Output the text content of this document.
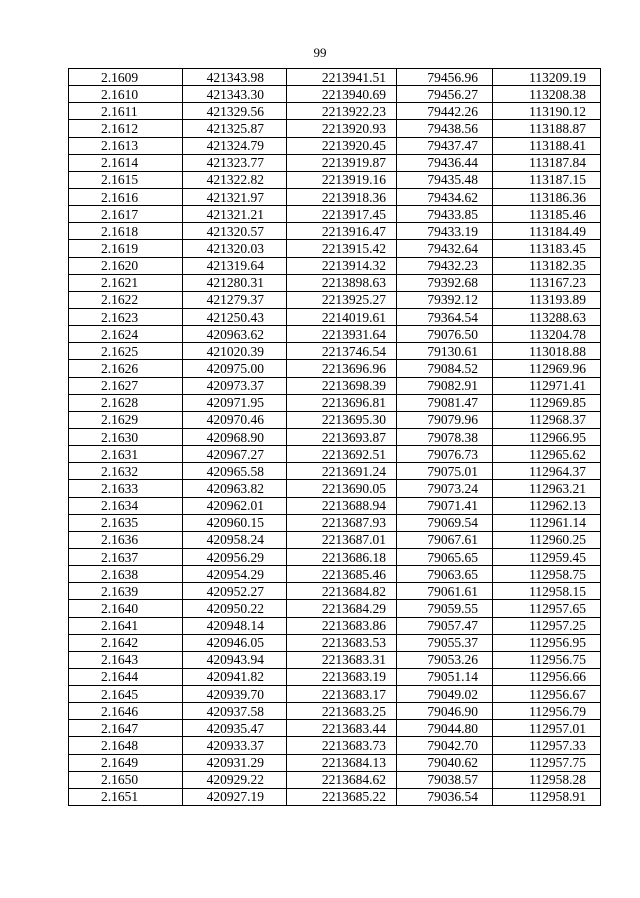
99
2.1609	421343.98	2213941.51	79456.96	113209.19
2.1610	421343.30	2213940.69	79456.27	113208.38
2.1611	421329.56	2213922.23	79442.26	113190.12
2.1612	421325.87	2213920.93	79438.56	113188.87
2.1613	421324.79	2213920.45	79437.47	113188.41
2.1614	421323.77	2213919.87	79436.44	113187.84
2.1615	421322.82	2213919.16	79435.48	113187.15
2.1616	421321.97	2213918.36	79434.62	113186.36
2.1617	421321.21	2213917.45	79433.85	113185.46
2.1618	421320.57	2213916.47	79433.19	113184.49
2.1619	421320.03	2213915.42	79432.64	113183.45
2.1620	421319.64	2213914.32	79432.23	113182.35
2.1621	421280.31	2213898.63	79392.68	113167.23
2.1622	421279.37	2213925.27	79392.12	113193.89
2.1623	421250.43	2214019.61	79364.54	113288.63
2.1624	420963.62	2213931.64	79076.50	113204.78
2.1625	421020.39	2213746.54	79130.61	113018.88
2.1626	420975.00	2213696.96	79084.52	112969.96
2.1627	420973.37	2213698.39	79082.91	112971.41
2.1628	420971.95	2213696.81	79081.47	112969.85
2.1629	420970.46	2213695.30	79079.96	112968.37
2.1630	420968.90	2213693.87	79078.38	112966.95
2.1631	420967.27	2213692.51	79076.73	112965.62
2.1632	420965.58	2213691.24	79075.01	112964.37
2.1633	420963.82	2213690.05	79073.24	112963.21
2.1634	420962.01	2213688.94	79071.41	112962.13
2.1635	420960.15	2213687.93	79069.54	112961.14
2.1636	420958.24	2213687.01	79067.61	112960.25
2.1637	420956.29	2213686.18	79065.65	112959.45
2.1638	420954.29	2213685.46	79063.65	112958.75
2.1639	420952.27	2213684.82	79061.61	112958.15
2.1640	420950.22	2213684.29	79059.55	112957.65
2.1641	420948.14	2213683.86	79057.47	112957.25
2.1642	420946.05	2213683.53	79055.37	112956.95
2.1643	420943.94	2213683.31	79053.26	112956.75
2.1644	420941.82	2213683.19	79051.14	112956.66
2.1645	420939.70	2213683.17	79049.02	112956.67
2.1646	420937.58	2213683.25	79046.90	112956.79
2.1647	420935.47	2213683.44	79044.80	112957.01
2.1648	420933.37	2213683.73	79042.70	112957.33
2.1649	420931.29	2213684.13	79040.62	112957.75
2.1650	420929.22	2213684.62	79038.57	112958.28
2.1651	420927.19	2213685.22	79036.54	112958.91
